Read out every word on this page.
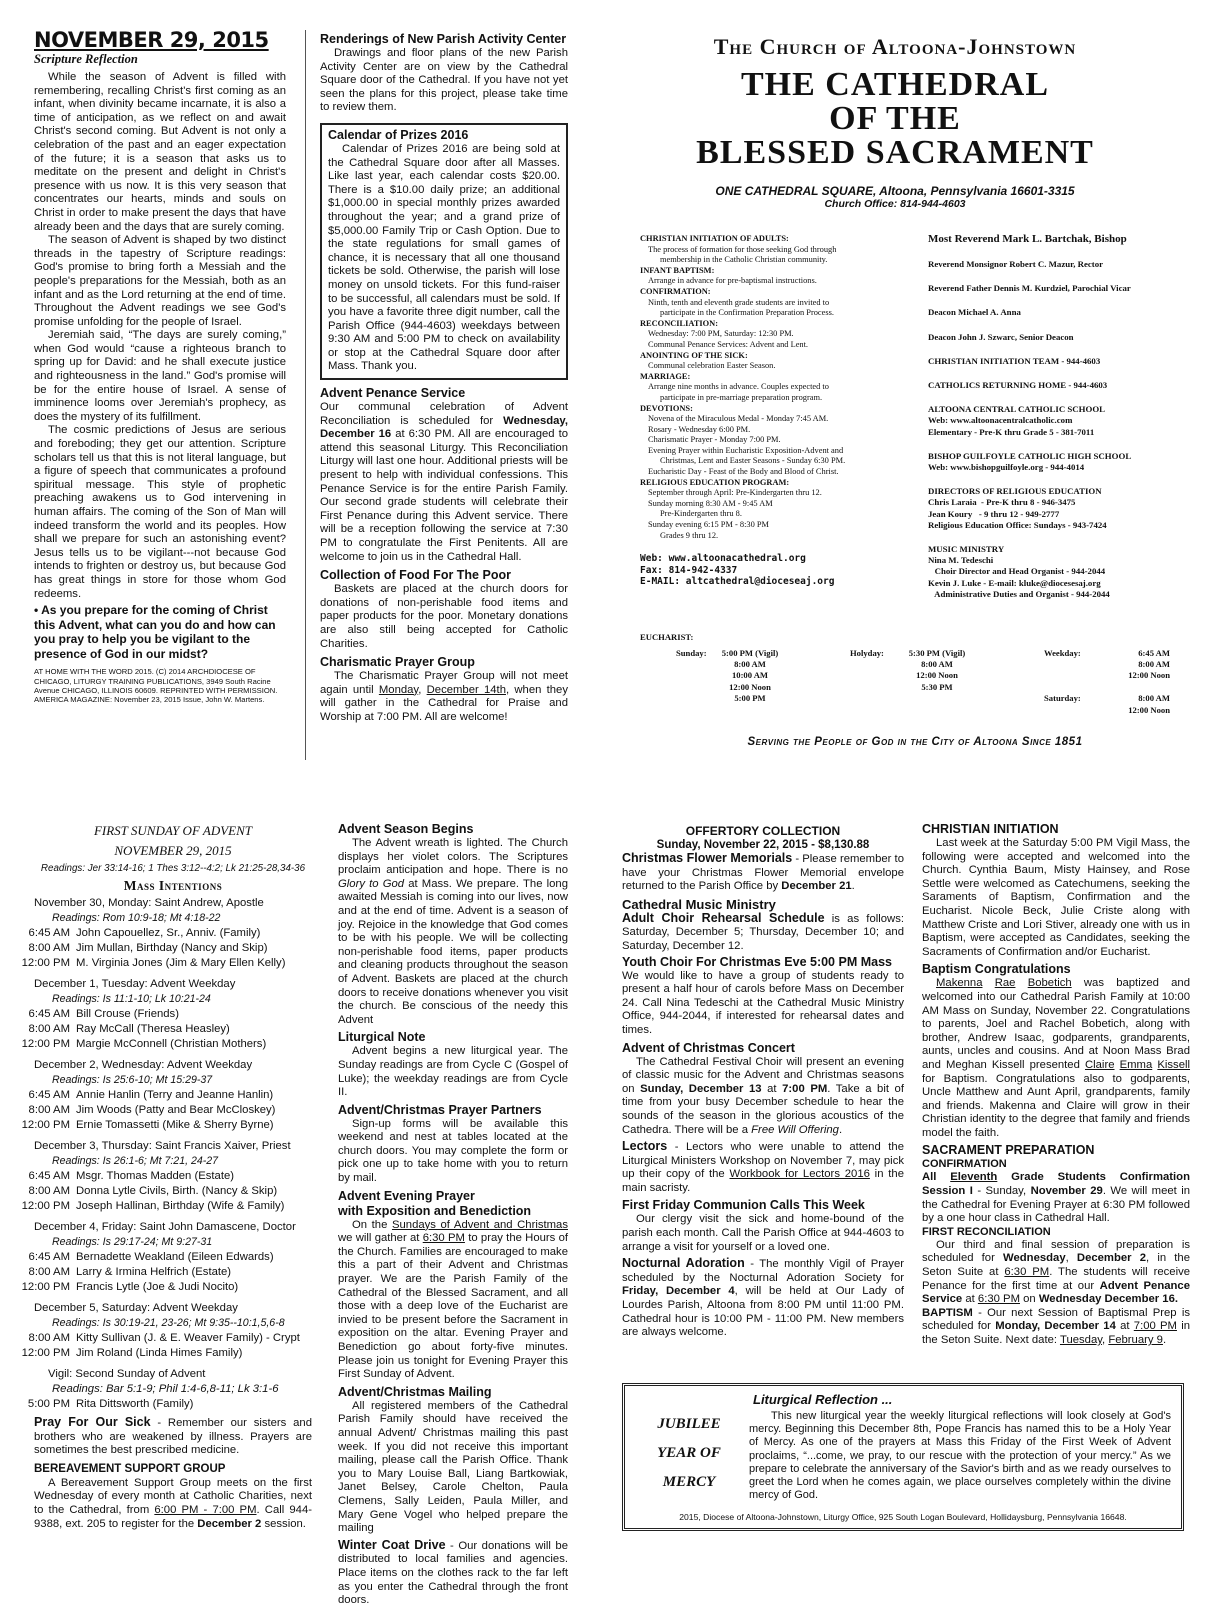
NOVEMBER 29, 2015
Scripture Reflection

While the season of Advent is filled with remembering, recalling Christ's first coming as an infant, when divinity became incarnate, it is also a time of anticipation, as we reflect on and await Christ's second coming. But Advent is not only a celebration of the past and an eager expectation of the future; it is a season that asks us to meditate on the present and delight in Christ's presence with us now. It is this very season that concentrates our hearts, minds and souls on Christ in order to make present the days that have already been and the days that are surely coming.

The season of Advent is shaped by two distinct threads in the tapestry of Scripture readings: God's promise to bring forth a Messiah and the people's preparations for the Messiah, both as an infant and as the Lord returning at the end of time. Throughout the Advent readings we see God's promise unfolding for the people of Israel.

Jeremiah said, “The days are surely coming,” when God would “cause a righteous branch to spring up for David: and he shall execute justice and righteousness in the land.” God's promise will be for the entire house of Israel. A sense of imminence looms over Jeremiah's prophecy, as does the mystery of its fulfillment.

The cosmic predictions of Jesus are serious and foreboding; they get our attention. Scripture scholars tell us that this is not literal language, but a figure of speech that communicates a profound spiritual message. This style of prophetic preaching awakens us to God intervening in human affairs. The coming of the Son of Man will indeed transform the world and its peoples. How shall we prepare for such an astonishing event? Jesus tells us to be vigilant---not because God intends to frighten or destroy us, but because God has great things in store for those whom God redeems.

• As you prepare for the coming of Christ this Advent, what can you do and how can you pray to help you be vigilant to the presence of God in our midst?

AT HOME WITH THE WORD 2015. (C) 2014 ARCHDIOCESE OF CHICAGO, LITURGY TRAINING PUBLICATIONS, 3949 South Racine Avenue CHICAGO, ILLINOIS 60609. REPRINTED WITH PERMISSION. AMERICA MAGAZINE: November 23, 2015 Issue, John W. Martens.

Renderings of New Parish Activity Center

Drawings and floor plans of the new Parish Activity Center are on view by the Cathedral Square door of the Cathedral. If you have not yet seen the plans for this project, please take time to review them.

Calendar of Prizes 2016

Calendar of Prizes 2016 are being sold at the Cathedral Square door after all Masses. Like last year, each calendar costs $20.00. There is a $10.00 daily prize; an additional $1,000.00 in special monthly prizes awarded throughout the year; and a grand prize of $5,000.00 Family Trip or Cash Option. Due to the state regulations for small games of chance, it is necessary that all one thousand tickets be sold. Otherwise, the parish will lose money on unsold tickets. For this fund-raiser to be successful, all calendars must be sold. If you have a favorite three digit number, call the Parish Office (944-4603) weekdays between 9:30 AM and 5:00 PM to check on availability or stop at the Cathedral Square door after Mass. Thank you.

Advent Penance Service

Our communal celebration of Advent Reconciliation is scheduled for Wednesday, December 16 at 6:30 PM. All are encouraged to attend this seasonal Liturgy. This Reconciliation Liturgy will last one hour. Additional priests will be present to help with individual confessions. This Penance Service is for the entire Parish Family. Our second grade students will celebrate their First Penance during this Advent service. There will be a reception following the service at 7:30 PM to congratulate the First Penitents. All are welcome to join us in the Cathedral Hall.

Collection of Food For The Poor

Baskets are placed at the church doors for donations of non-perishable food items and paper products for the poor. Monetary donations are also still being accepted for Catholic Charities.

Charismatic Prayer Group

The Charismatic Prayer Group will not meet again until Monday, December 14th, when they will gather in the Cathedral for Praise and Worship at 7:00 PM. All are welcome!

The Church of Altoona-Johnstown
THE CATHEDRAL
OF THE
BLESSED SACRAMENT
ONE CATHEDRAL SQUARE, Altoona, Pennsylvania 16601-3315
Church Office: 814-944-4603
CHRISTIAN INITIATION OF ADULTS:
The process of formation for those seeking God through
membership in the Catholic Christian community.
INFANT BAPTISM:
Arrange in advance for pre-baptismal instructions.
CONFIRMATION:
Ninth, tenth and eleventh grade students are invited to
participate in the Confirmation Preparation Process.
RECONCILIATION:
Wednesday: 7:00 PM, Saturday: 12:30 PM.
Communal Penance Services: Advent and Lent.
ANOINTING OF THE SICK:
Communal celebration Easter Season.
MARRIAGE:
Arrange nine months in advance. Couples expected to
participate in pre-marriage preparation program.
DEVOTIONS:
Novena of the Miraculous Medal - Monday 7:45 AM.
Rosary - Wednesday 6:00 PM.
Charismatic Prayer - Monday 7:00 PM.
Evening Prayer within Eucharistic Exposition-Advent and
Christmas, Lent and Easter Seasons - Sunday 6:30 PM.
Eucharistic Day - Feast of the Body and Blood of Christ.
RELIGIOUS EDUCATION PROGRAM:
September through April: Pre-Kindergarten thru 12.
Sunday morning 8:30 AM - 9:45 AM
Pre-Kindergarten thru 8.
Sunday evening 6:15 PM - 8:30 PM
Grades 9 thru 12.
Web: www.altoonacathedral.org
Fax: 814-942-4337
E-MAIL: altcathedral@dioceseaj.org
Most Reverend Mark L. Bartchak, Bishop
Reverend Monsignor Robert C. Mazur, Rector
Reverend Father Dennis M. Kurdziel, Parochial Vicar
Deacon Michael A. Anna
Deacon John J. Szwarc, Senior Deacon
CHRISTIAN INITIATION TEAM - 944-4603
CATHOLICS RETURNING HOME - 944-4603
ALTOONA CENTRAL CATHOLIC SCHOOL
Web: www.altoonacentralcatholic.com
Elementary - Pre-K thru Grade 5 - 381-7011
BISHOP GUILFOYLE CATHOLIC HIGH SCHOOL
Web: www.bishopguilfoyle.org - 944-4014
DIRECTORS OF RELIGIOUS EDUCATION
Chris Laraia  - Pre-K thru 8 - 946-3475
Jean Koury   - 9 thru 12 - 949-2777
Religious Education Office: Sundays - 943-7424
MUSIC MINISTRY
Nina M. Tedeschi
Choir Director and Head Organist - 944-2044
Kevin J. Luke - E-mail: kluke@diocesesaj.org
Administrative Duties and Organist - 944-2044
EUCHARIST:
Sunday:	5:00 PM (Vigil)
8:00 AM
10:00 AM
12:00 Noon
5:00 PM
Holyday:	5:30 PM (Vigil)
8:00 AM
12:00 Noon
5:30 PM
Weekday:
Saturday:
6:45 AM
8:00 AM
12:00 Noon
8:00 AM
12:00 Noon
Serving the People of God in the City of Altoona Since 1851
FIRST SUNDAY OF ADVENT
NOVEMBER 29, 2015
Readings: Jer 33:14-16; 1 Thes 3:12--4:2; Lk 21:25-28,34-36
Mass Intentions
November 30, Monday: Saint Andrew, Apostle
Readings: Rom 10:9-18; Mt 4:18-22
6:45 AM John Capouellez, Sr., Anniv. (Family)
8:00 AM Jim Mullan, Birthday (Nancy and Skip)
12:00 PM M. Virginia Jones (Jim & Mary Ellen Kelly)
December 1, Tuesday: Advent Weekday
Readings: Is 11:1-10; Lk 10:21-24
6:45 AM Bill Crouse (Friends)
8:00 AM Ray McCall (Theresa Heasley)
12:00 PM Margie McConnell (Christian Mothers)
December 2, Wednesday: Advent Weekday
Readings: Is 25:6-10; Mt 15:29-37
6:45 AM Annie Hanlin (Terry and Jeanne Hanlin)
8:00 AM Jim Woods (Patty and Bear McCloskey)
12:00 PM Ernie Tomassetti (Mike & Sherry Byrne)
December 3, Thursday: Saint Francis Xaiver, Priest
Readings: Is 26:1-6; Mt 7:21, 24-27
6:45 AM Msgr. Thomas Madden (Estate)
8:00 AM Donna Lytle Civils, Birth. (Nancy & Skip)
12:00 PM Joseph Hallinan, Birthday (Wife & Family)
December 4, Friday: Saint John Damascene, Doctor
Readings: Is 29:17-24; Mt 9:27-31
6:45 AM Bernadette Weakland (Eileen Edwards)
8:00 AM Larry & Irmina Helfrich (Estate)
12:00 PM Francis Lytle (Joe & Judi Nocito)
December 5, Saturday: Advent Weekday
Readings: Is 30:19-21, 23-26; Mt 9:35--10:1,5,6-8
8:00 AM Kitty Sullivan (J. & E. Weaver Family) - Crypt
12:00 PM Jim Roland (Linda Himes Family)
Vigil: Second Sunday of Advent
Readings: Bar 5:1-9; Phil 1:4-6,8-11; Lk 3:1-6
5:00 PM Rita Dittsworth (Family)

Pray For Our Sick - Remember our sisters and brothers who are weakened by illness. Prayers are sometimes the best prescribed medicine.

BEREAVEMENT SUPPORT GROUP

A Bereavement Support Group meets on the first Wednesday of every month at Catholic Charities, next to the Cathedral, from 6:00 PM - 7:00 PM. Call 944-9388, ext. 205 to register for the December 2 session.

Advent Season Begins

The Advent wreath is lighted. The Church displays her violet colors. The Scriptures proclaim anticipation and hope. There is no Glory to God at Mass. We prepare. The long awaited Messiah is coming into our lives, now and at the end of time. Advent is a season of joy. Rejoice in the knowledge that God comes to be with his people. We will be collecting non-perishable food items, paper products and cleaning products throughout the season of Advent. Baskets are placed at the church doors to receive donations whenever you visit the church. Be conscious of the needy this Advent

Liturgical Note

Advent begins a new liturgical year. The Sunday readings are from Cycle C (Gospel of Luke); the weekday readings are from Cycle II.

Advent/Christmas Prayer Partners

Sign-up forms will be available this weekend and nest at tables located at the church doors. You may complete the form or pick one up to take home with you to return by mail.

Advent Evening Prayer
with Exposition and Benediction

On the Sundays of Advent and Christmas we will gather at 6:30 PM to pray the Hours of the Church. Families are encouraged to make this a part of their Advent and Christmas prayer. We are the Parish Family of the Cathedral of the Blessed Sacrament, and all those with a deep love of the Eucharist are invied to be present before the Sacrament in exposition on the altar. Evening Prayer and Benediction go about forty-five minutes. Please join us tonight for Evening Prayer this First Sunday of Advent.

Advent/Christmas Mailing

All registered members of the Cathedral Parish Family should have received the annual Advent/ Christmas mailing this past week. If you did not receive this important mailing, please call the Parish Office. Thank you to Mary Louise Ball, Liang Bartkowiak, Janet Belsey, Carole Chelton, Paula Clemens, Sally Leiden, Paula Miller, and Mary Gene Vogel who helped prepare the mailing

Winter Coat Drive - Our donations will be distributed to local families and agencies. Place items on the clothes rack to the far left as you enter the Cathedral through the front doors.

OFFERTORY COLLECTION
Sunday, November 22, 2015 - $8,130.88

Christmas Flower Memorials - Please remember to have your Christmas Flower Memorial envelope returned to the Parish Office by December 21.

Cathedral Music Ministry

Adult Choir Rehearsal Schedule is as follows: Saturday, December 5; Thursday, December 10; and Saturday, December 12.

Youth Choir For Christmas Eve 5:00 PM Mass

We would like to have a group of students ready to present a half hour of carols before Mass on December 24. Call Nina Tedeschi at the Cathedral Music Ministry Office, 944-2044, if interested for rehearsal dates and times.

Advent of Christmas Concert

The Cathedral Festival Choir will present an evening of classic music for the Advent and Christmas seasons on Sunday, December 13 at 7:00 PM. Take a bit of time from your busy December schedule to hear the sounds of the season in the glorious acoustics of the Cathedra. There will be a Free Will Offering.

Lectors - Lectors who were unable to attend the Liturgical Ministers Workshop on November 7, may pick up their copy of the Workbook for Lectors 2016 in the main sacristy.

First Friday Communion Calls This Week

Our clergy visit the sick and home-bound of the parish each month. Call the Parish Office at 944-4603 to arrange a visit for yourself or a loved one.

Nocturnal Adoration - The monthly Vigil of Prayer scheduled by the Nocturnal Adoration Society for Friday, December 4, will be held at Our Lady of Lourdes Parish, Altoona from 8:00 PM until 11:00 PM. Cathedral hour is 10:00 PM - 11:00 PM. New members are always welcome.

CHRISTIAN INITIATION

Last week at the Saturday 5:00 PM Vigil Mass, the following were accepted and welcomed into the Church. Cynthia Baum, Misty Hainsey, and Rose Settle were welcomed as Catechumens, seeking the Saraments of Baptism, Confirmation and the Eucharist. Nicole Beck, Julie Criste along with Matthew Criste and Lori Stiver, already one with us in Baptism, were accepted as Candidates, seeking the Sacraments of Confirmation and/or Eucharist.

Baptism Congratulations

Makenna Rae Bobetich was baptized and welcomed into our Cathedral Parish Family at 10:00 AM Mass on Sunday, November 22. Congratulations to parents, Joel and Rachel Bobetich, along with brother, Andrew Isaac, godparents, grandparents, aunts, uncles and cousins. And at Noon Mass Brad and Meghan Kissell presented Claire Emma Kissell for Baptism. Congratulations also to godparents, Uncle Matthew and Aunt April, grandparents, family and friends. Makenna and Claire will grow in their Christian identity to the degree that family and friends model the faith.

SACRAMENT PREPARATION
CONFIRMATION

All Eleventh Grade Students Confirmation Session I - Sunday, November 29. We will meet in the Cathedral for Evening Prayer at 6:30 PM followed by a one hour class in Cathedral Hall.

FIRST RECONCILIATION

Our third and final session of preparation is scheduled for Wednesday, December 2, in the Seton Suite at 6:30 PM. The students will receive Penance for the first time at our Advent Penance Service at 6:30 PM on Wednesday December 16.

BAPTISM - Our next Session of Baptismal Prep is scheduled for Monday, December 14 at 7:00 PM in the Seton Suite. Next date: Tuesday, February 9.

JUBILEE
YEAR OF
MERCY
Liturgical Reflection ...

This new liturgical year the weekly liturgical reflections will look closely at God's mercy. Beginning this December 8th, Pope Francis has named this to be a Holy Year of Mercy. As one of the prayers at Mass this Friday of the First Week of Advent proclaims, “...come, we pray, to our rescue with the protection of your mercy.” As we prepare to celebrate the anniversary of the Savior's birth and as we ready ourselves to greet the Lord when he comes again, we place ourselves completely within the divine mercy of God.

2015, Diocese of Altoona-Johnstown, Liturgy Office, 925 South Logan Boulevard, Hollidaysburg, Pennsylvania 16648.
